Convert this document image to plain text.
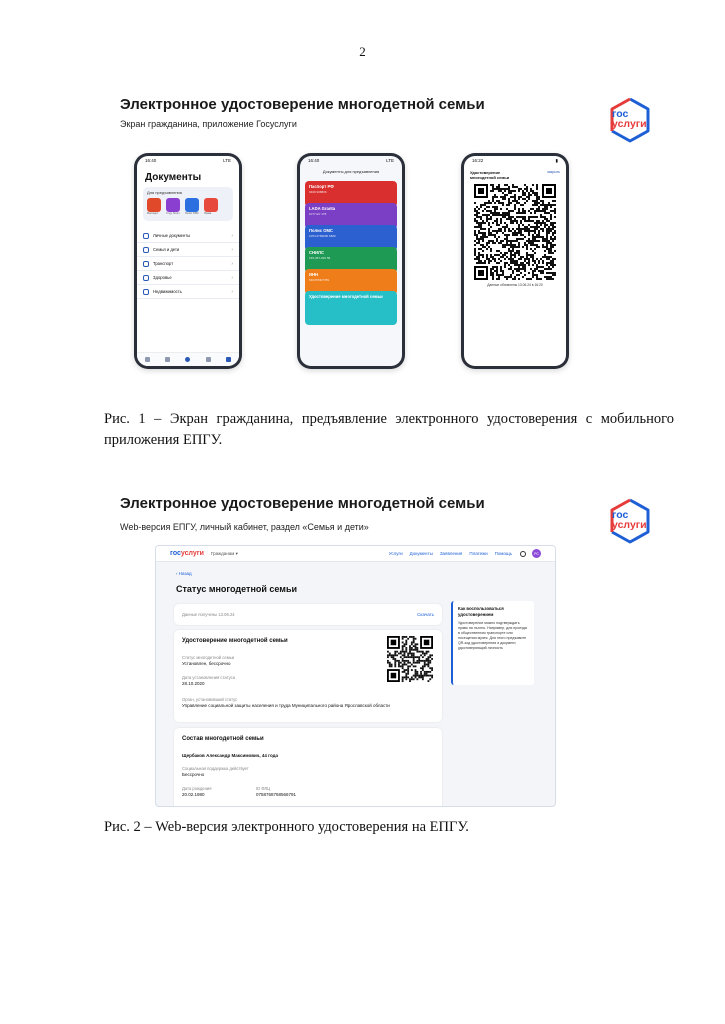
2
Электронное удостоверение многодетной семьи
Экран гражданина, приложение Госуслуги
гос
услуги
16:40	LTE
Документы
Для предъявления
Многодет.	Студ. билет	Полис ОМС	Права
Личные документы	›
Семья и дети	›
Транспорт	›
Здоровье	›
Недвижимость	›
16:40	LTE
Документы для предъявления
Паспорт РФ
0409 908836
LADA Granta
1077 ЕУ 178
Полис ОМС
1054 0769000 6826
СНИЛС
165-457-030 58
ИНН
540378407789
Удостоверение многодетной семьи
16:22	▮
Удостоверение многодетной семьи
закрыть
Данные обновлены 13.06.24 в 16:20
Рис. 1 – Экран гражданина, предъявление электронного удостоверения с мобильного приложения ЕПГУ.
Электронное удостоверение многодетной семьи
Web-версия ЕПГУ, личный кабинет, раздел «Семья и дети»
гос
услуги
госуслуги Гражданам ▾	Услуги Документы Заявления Платежи Помощь	РС
‹ Назад
Статус многодетной семьи
Данные получены 13.06.24	Скачать
Удостоверение многодетной семьи
Статус многодетной семьи
Установлен, бессрочно
Дата установления статуса
28.10.2020
Орган, установивший статус
Управление социальной защиты населения и труда Муниципального района Ярославской области
Состав многодетной семьи
Щербаков Александр Максимович, 44 года
Социальная поддержка действует
Бессрочно
Дата рождения
20.02.1980
ID ФЛЦ
0758768768566791
Как воспользоваться удостоверением
Удостоверение можно подтверждать право на льготы. Например, для проезда в общественном транспорте или посещения музея. Для этого предъявите QR-код удостоверения и документ, удостоверяющий личность
Рис. 2 – Web-версия электронного удостоверения на ЕПГУ.
